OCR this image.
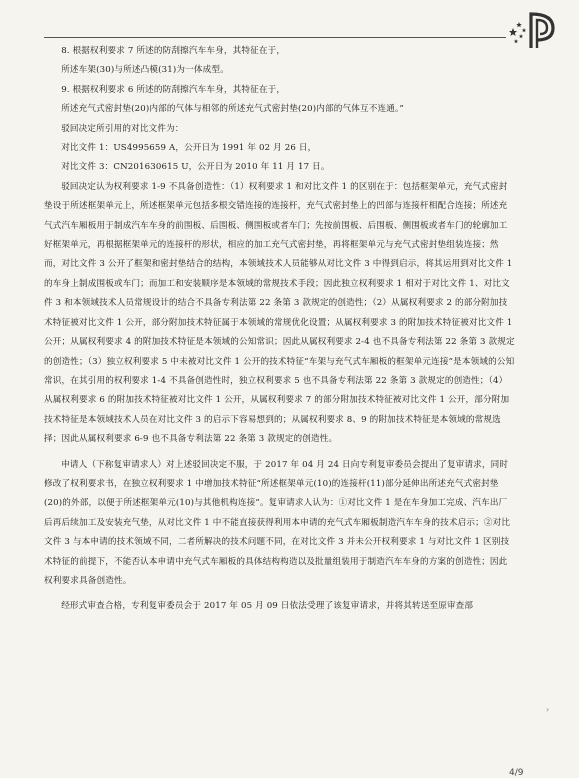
8. 根据权利要求 7 所述的防刮擦汽车车身，其特征在于，

所述车架(30)与所述凸模(31)为一体成型。

9. 根据权利要求 6 所述的防刮擦汽车车身，其特征在于，

所述充气式密封垫(20)内部的气体与相邻的所述充气式密封垫(20)内部的气体互不连通。”

驳回决定所引用的对比文件为：

对比文件 1：US4995659 A，公开日为 1991 年 02 月 26 日，

对比文件 3：CN201630615 U，公开日为 2010 年 11 月 17 日。

驳回决定认为权利要求 1-9 不具备创造性：（1）权利要求 1 和对比文件 1 的区别在于：包括框架单元，充气式密封垫设于所述框架单元上，所述框架单元包括多根交错连接的连接杆，充气式密封垫上的凹部与连接杆相配合连接；所述充气式汽车厢板用于制成汽车车身的前围板、后围板、侧围板或者车门；先按前围板、后围板、侧围板或者车门的轮廓加工好框架单元，再根据框架单元的连接杆的形状，相应的加工充气式密封垫，再将框架单元与充气式密封垫组装连接；然而，对比文件 3 公开了框架和密封垫结合的结构，本领域技术人员能够从对比文件 3 中得到启示，将其运用到对比文件 1 的车身上制成围板或车门；而加工和安装顺序是本领域的常规技术手段；因此独立权利要求 1 相对于对比文件 1、对比文件 3 和本领域技术人员常规设计的结合不具备专利法第 22 条第 3 款规定的创造性；（2）从属权利要求 2 的部分附加技术特征被对比文件 1 公开，部分附加技术特征属于本领域的常规优化设置；从属权利要求 3 的附加技术特征被对比文件 1 公开；从属权利要求 4 的附加技术特征是本领域的公知常识；因此从属权利要求 2-4 也不具备专利法第 22 条第 3 款规定的创造性；（3）独立权利要求 5 中未被对比文件 1 公开的技术特征“车架与充气式车厢板的框架单元连接”是本领域的公知常识，在其引用的权利要求 1-4 不具备创造性时，独立权利要求 5 也不具备专利法第 22 条第 3 款规定的创造性；（4）从属权利要求 6 的附加技术特征被对比文件 1 公开，从属权利要求 7 的部分附加技术特征被对比文件 1 公开，部分附加技术特征是本领域技术人员在对比文件 3 的启示下容易想到的；从属权利要求 8、9 的附加技术特征是本领域的常规选择；因此从属权利要求 6-9 也不具备专利法第 22 条第 3 款规定的创造性。

申请人（下称复审请求人）对上述驳回决定不服，于 2017 年 04 月 24 日向专利复审委员会提出了复审请求，同时修改了权利要求书，在独立权利要求 1 中增加技术特征“所述框架单元(10)的连接杆(11)部分延伸出所述充气式密封垫(20)的外部，以便于所述框架单元(10)与其他机构连接”。复审请求人认为：①对比文件 1 是在车身加工完成、汽车出厂后再后续加工及安装充气垫，从对比文件 1 中不能直接获得利用本申请的充气式车厢板制造汽车车身的技术启示；②对比文件 3 与本申请的技术领域不同，二者所解决的技术问题不同，在对比文件 3 并未公开权利要求 1 与对比文件 1 区别技术特征的前提下，不能否认本申请中充气式车厢板的具体结构构造以及批量组装用于制造汽车车身的方案的创造性；因此权利要求具备创造性。

经形式审查合格，专利复审委员会于 2017 年 05 月 09 日依法受理了该复审请求，并将其转送至原审查部

›
4/9
